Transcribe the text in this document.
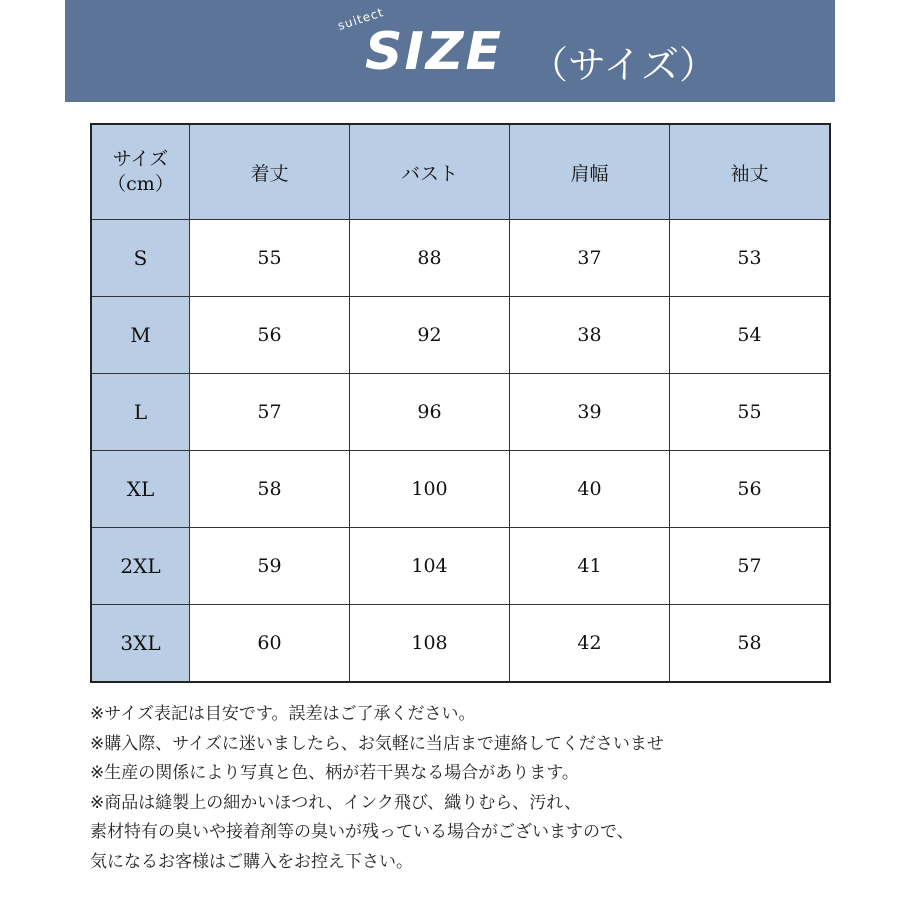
suitect
SIZE （サイズ）
サイズ（cm）	着丈	バスト	肩幅	袖丈
S	55	88	37	53
M	56	92	38	54
L	57	96	39	55
XL	58	100	40	56
2XL	59	104	41	57
3XL	60	108	42	58
※サイズ表記は目安です。誤差はご了承ください。
※購入際、サイズに迷いましたら、お気軽に当店まで連絡してくださいませ
※生産の関係により写真と色、柄が若干異なる場合があります。
※商品は縫製上の細かいほつれ、インク飛び、織りむら、汚れ、
素材特有の臭いや接着剤等の臭いが残っている場合がございますので、
気になるお客様はご購入をお控え下さい。
